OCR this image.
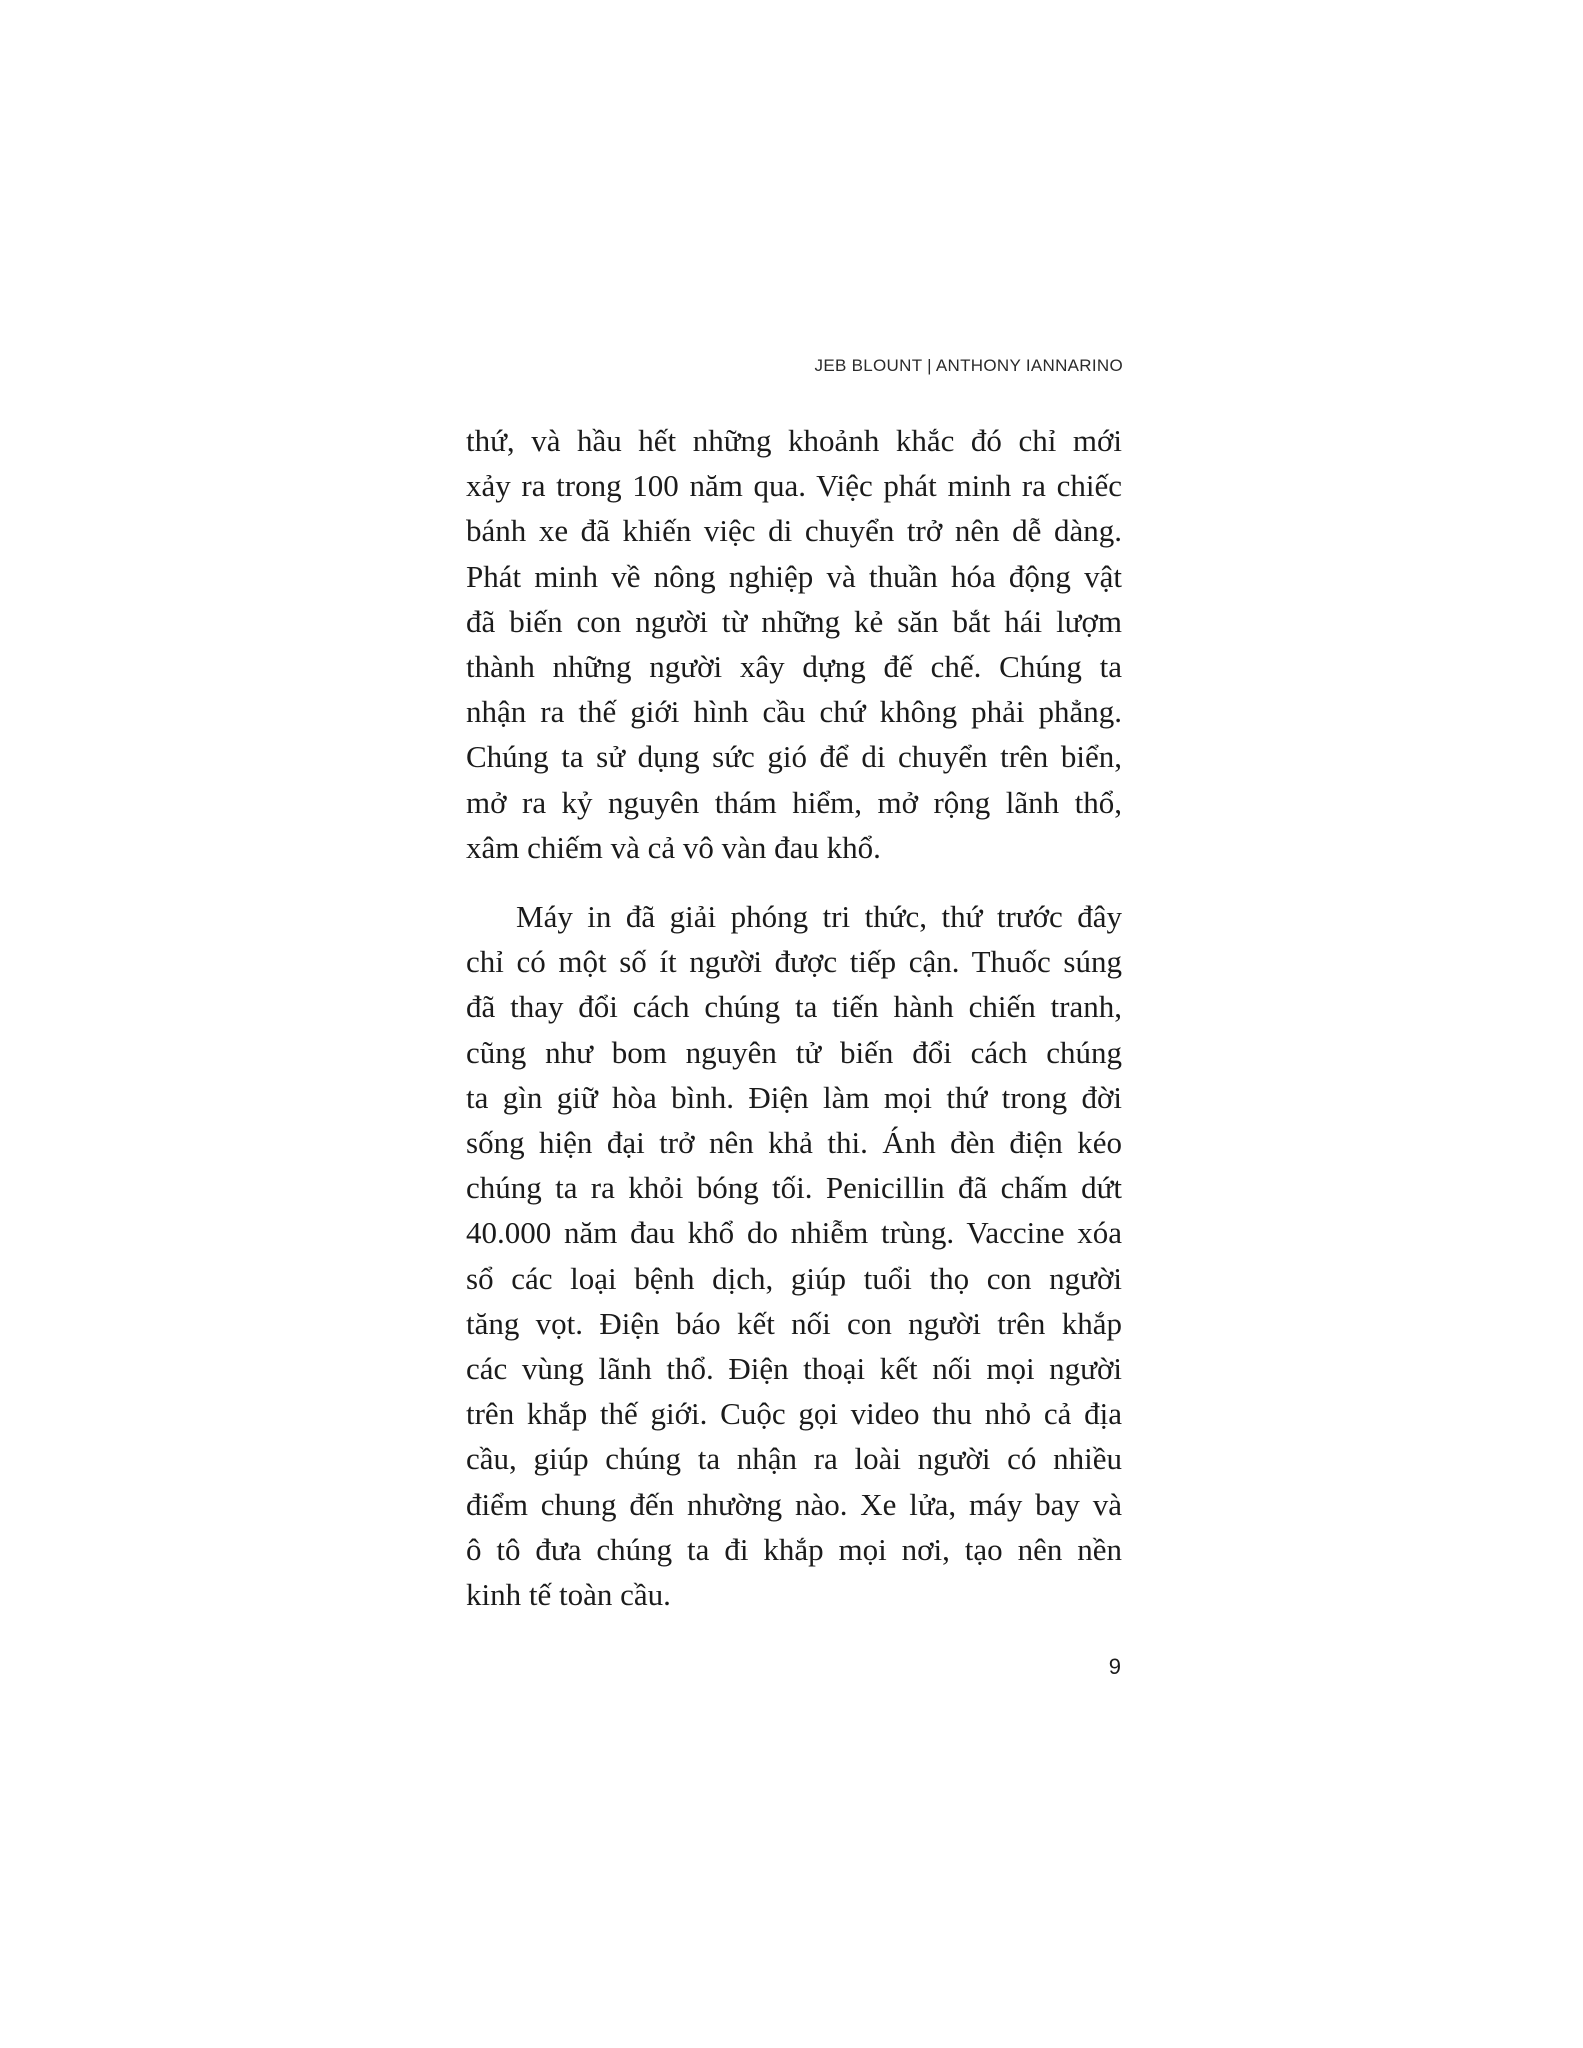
JEB BLOUNT | ANTHONY IANNARINO
thứ, và hầu hết những khoảnh khắc đó chỉ mới
xảy ra trong 100 năm qua. Việc phát minh ra chiếc
bánh xe đã khiến việc di chuyển trở nên dễ dàng.
Phát minh về nông nghiệp và thuần hóa động vật
đã biến con người từ những kẻ săn bắt hái lượm
thành những người xây dựng đế chế. Chúng ta
nhận ra thế giới hình cầu chứ không phải phẳng.
Chúng ta sử dụng sức gió để di chuyển trên biển,
mở ra kỷ nguyên thám hiểm, mở rộng lãnh thổ,
xâm chiếm và cả vô vàn đau khổ.
Máy in đã giải phóng tri thức, thứ trước đây
chỉ có một số ít người được tiếp cận. Thuốc súng
đã thay đổi cách chúng ta tiến hành chiến tranh,
cũng như bom nguyên tử biến đổi cách chúng
ta gìn giữ hòa bình. Điện làm mọi thứ trong đời
sống hiện đại trở nên khả thi. Ánh đèn điện kéo
chúng ta ra khỏi bóng tối. Penicillin đã chấm dứt
40.000 năm đau khổ do nhiễm trùng. Vaccine xóa
sổ các loại bệnh dịch, giúp tuổi thọ con người
tăng vọt. Điện báo kết nối con người trên khắp
các vùng lãnh thổ. Điện thoại kết nối mọi người
trên khắp thế giới. Cuộc gọi video thu nhỏ cả địa
cầu, giúp chúng ta nhận ra loài người có nhiều
điểm chung đến nhường nào. Xe lửa, máy bay và
ô tô đưa chúng ta đi khắp mọi nơi, tạo nên nền
kinh tế toàn cầu.
9
